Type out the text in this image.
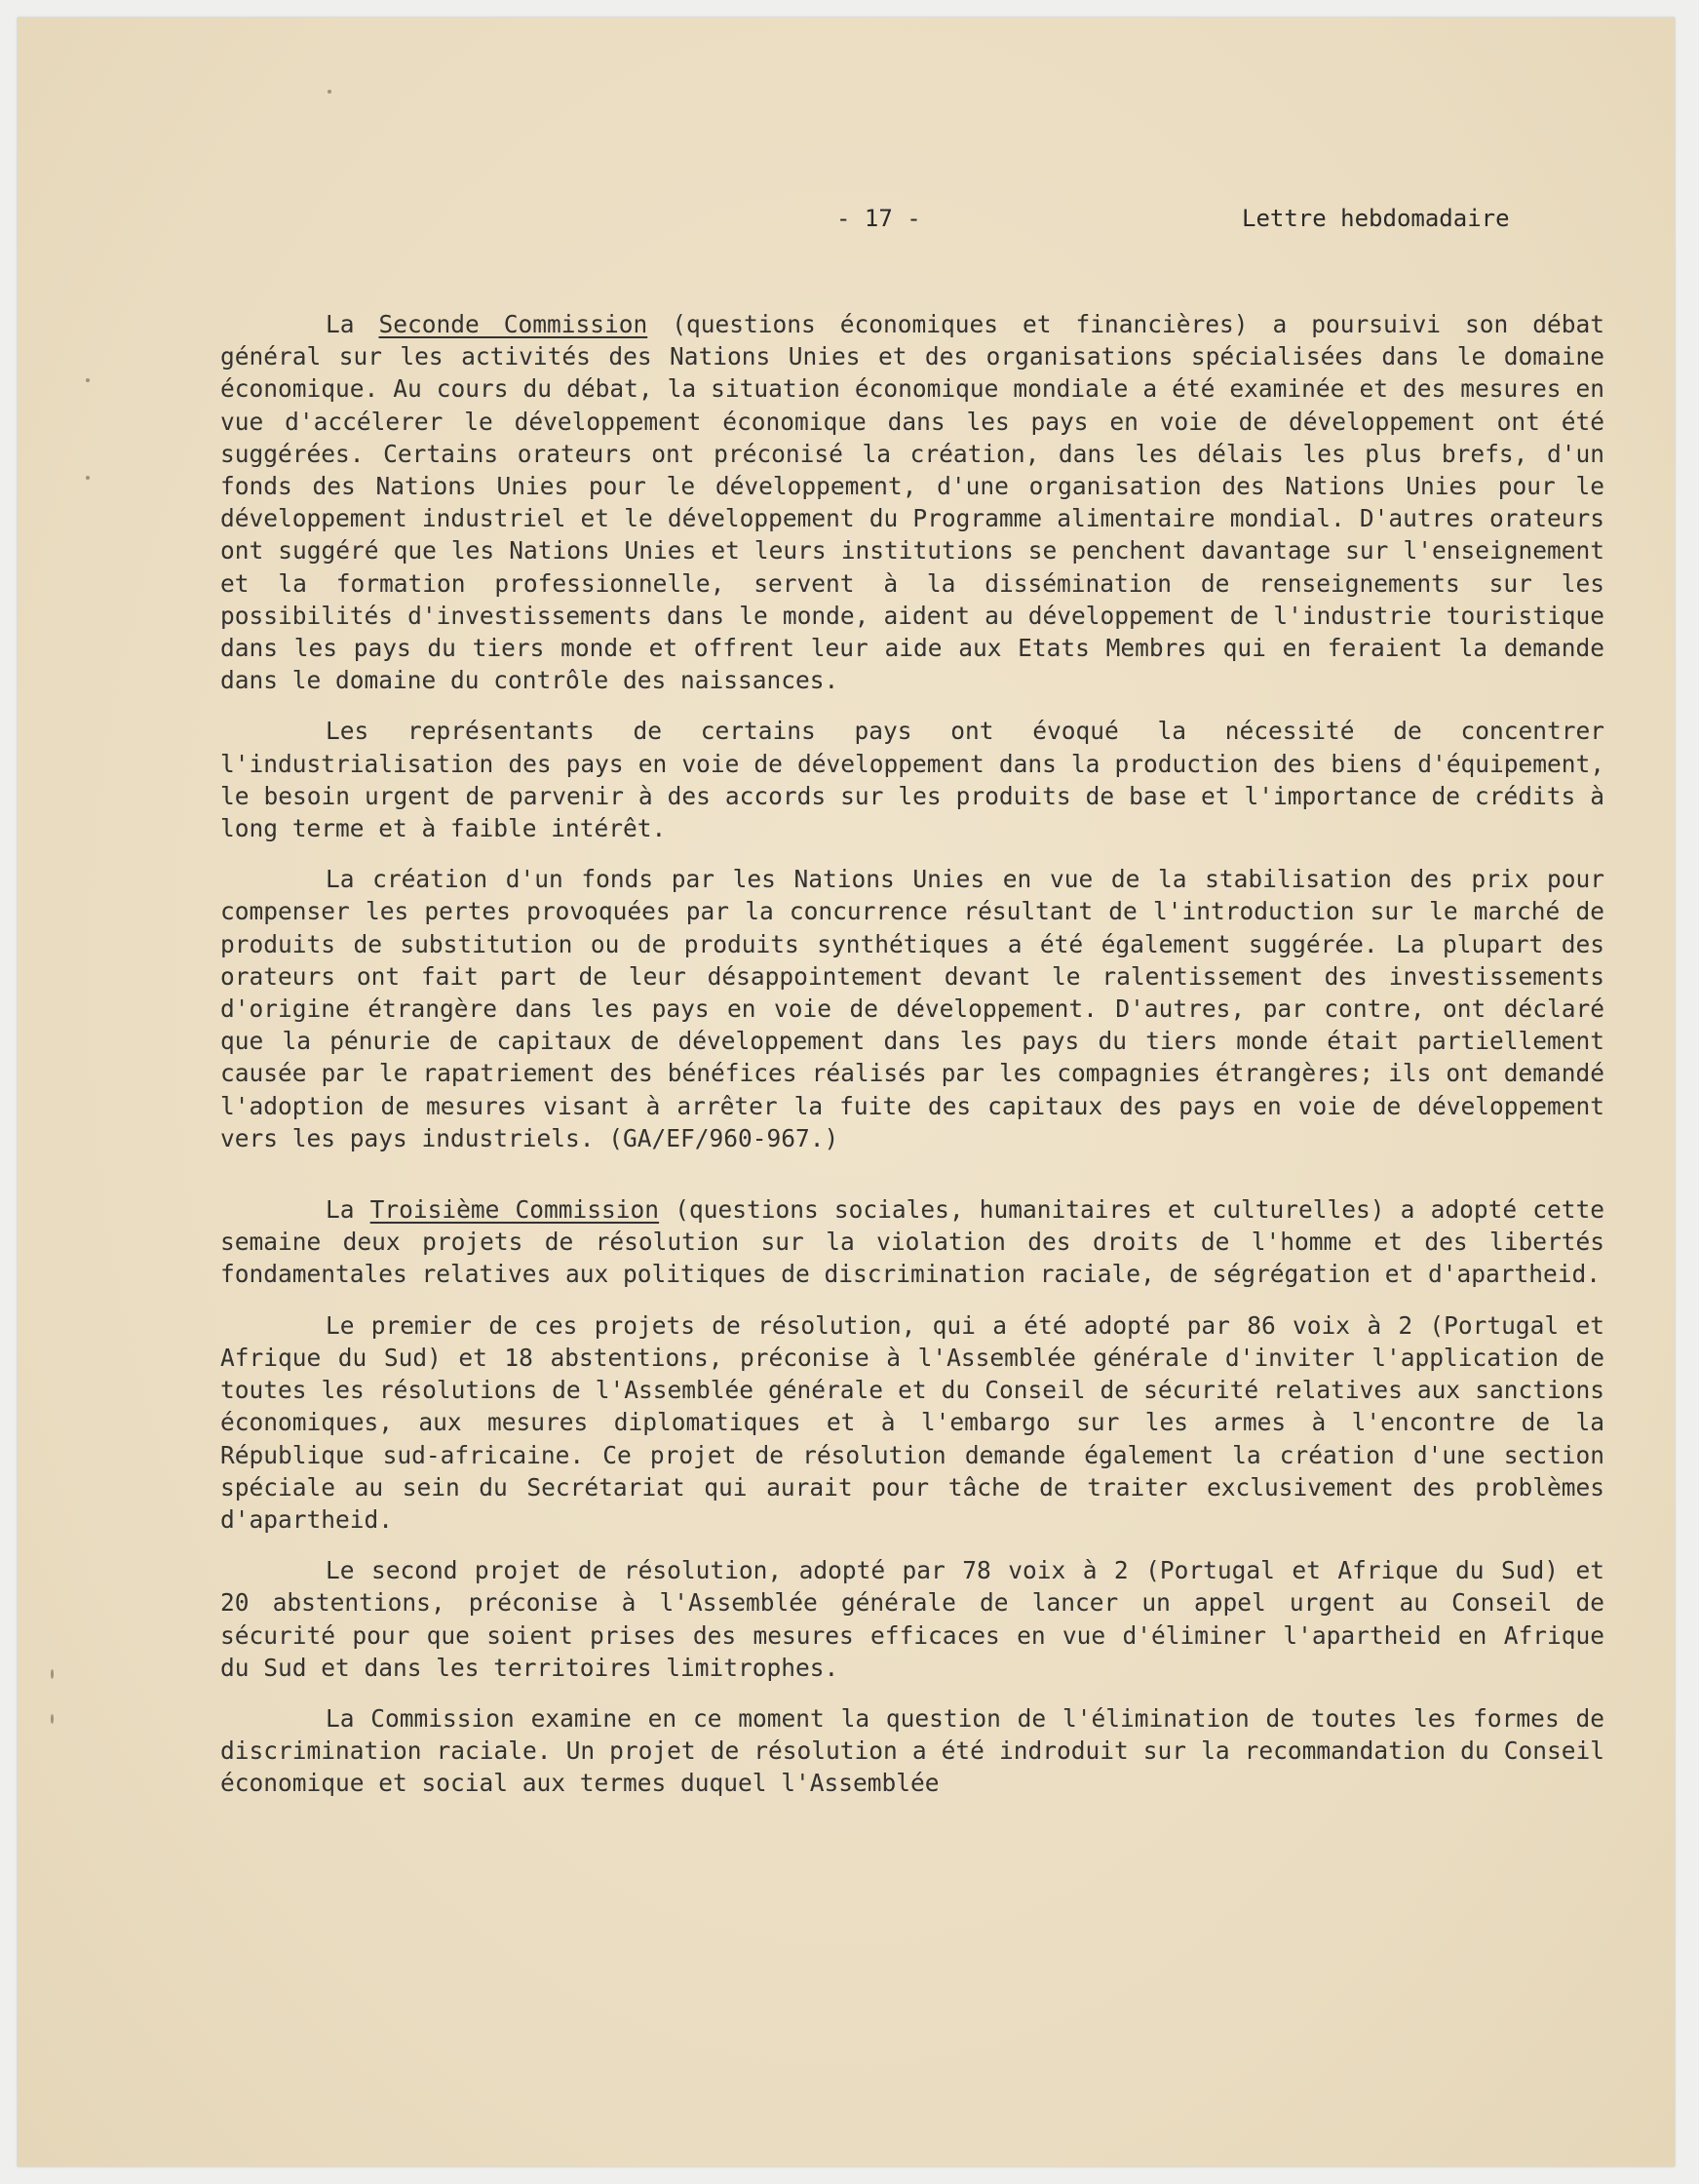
- 17 -	Lettre hebdomadaire

La Seconde Commission (questions économiques et financières) a poursuivi son débat général sur les activités des Nations Unies et des organisations spécialisées dans le domaine économique. Au cours du débat, la situation économique mondiale a été examinée et des mesures en vue d'accélerer le développement économique dans les pays en voie de développement ont été suggérées. Certains orateurs ont préconisé la création, dans les délais les plus brefs, d'un fonds des Nations Unies pour le développement, d'une organisation des Nations Unies pour le développement industriel et le développement du Programme alimentaire mondial. D'autres orateurs ont suggéré que les Nations Unies et leurs institutions se penchent davantage sur l'enseignement et la formation professionnelle, servent à la dissémination de renseignements sur les possibilités d'investissements dans le monde, aident au développement de l'industrie touristique dans les pays du tiers monde et offrent leur aide aux Etats Membres qui en feraient la demande dans le domaine du contrôle des naissances.

Les représentants de certains pays ont évoqué la nécessité de concentrer l'industrialisation des pays en voie de développement dans la production des biens d'équipement, le besoin urgent de parvenir à des accords sur les produits de base et l'importance de crédits à long terme et à faible intérêt.

La création d'un fonds par les Nations Unies en vue de la stabilisation des prix pour compenser les pertes provoquées par la concurrence résultant de l'introduction sur le marché de produits de substitution ou de produits synthétiques a été également suggérée. La plupart des orateurs ont fait part de leur désappointement devant le ralentissement des investissements d'origine étrangère dans les pays en voie de développement. D'autres, par contre, ont déclaré que la pénurie de capitaux de développement dans les pays du tiers monde était partiellement causée par le rapatriement des bénéfices réalisés par les compagnies étrangères; ils ont demandé l'adoption de mesures visant à arrêter la fuite des capitaux des pays en voie de développement vers les pays industriels. (GA/EF/960-967.)

La Troisième Commission (questions sociales, humanitaires et culturelles) a adopté cette semaine deux projets de résolution sur la violation des droits de l'homme et des libertés fondamentales relatives aux politiques de discrimination raciale, de ségrégation et d'apartheid.

Le premier de ces projets de résolution, qui a été adopté par 86 voix à 2 (Portugal et Afrique du Sud) et 18 abstentions, préconise à l'Assemblée générale d'inviter l'application de toutes les résolutions de l'Assemblée générale et du Conseil de sécurité relatives aux sanctions économiques, aux mesures diplomatiques et à l'embargo sur les armes à l'encontre de la République sud-africaine. Ce projet de résolution demande également la création d'une section spéciale au sein du Secrétariat qui aurait pour tâche de traiter exclusivement des problèmes d'apartheid.

Le second projet de résolution, adopté par 78 voix à 2 (Portugal et Afrique du Sud) et 20 abstentions, préconise à l'Assemblée générale de lancer un appel urgent au Conseil de sécurité pour que soient prises des mesures efficaces en vue d'éliminer l'apartheid en Afrique du Sud et dans les territoires limitrophes.

La Commission examine en ce moment la question de l'élimination de toutes les formes de discrimination raciale. Un projet de résolution a été indroduit sur la recommandation du Conseil économique et social aux termes duquel l'Assemblée
